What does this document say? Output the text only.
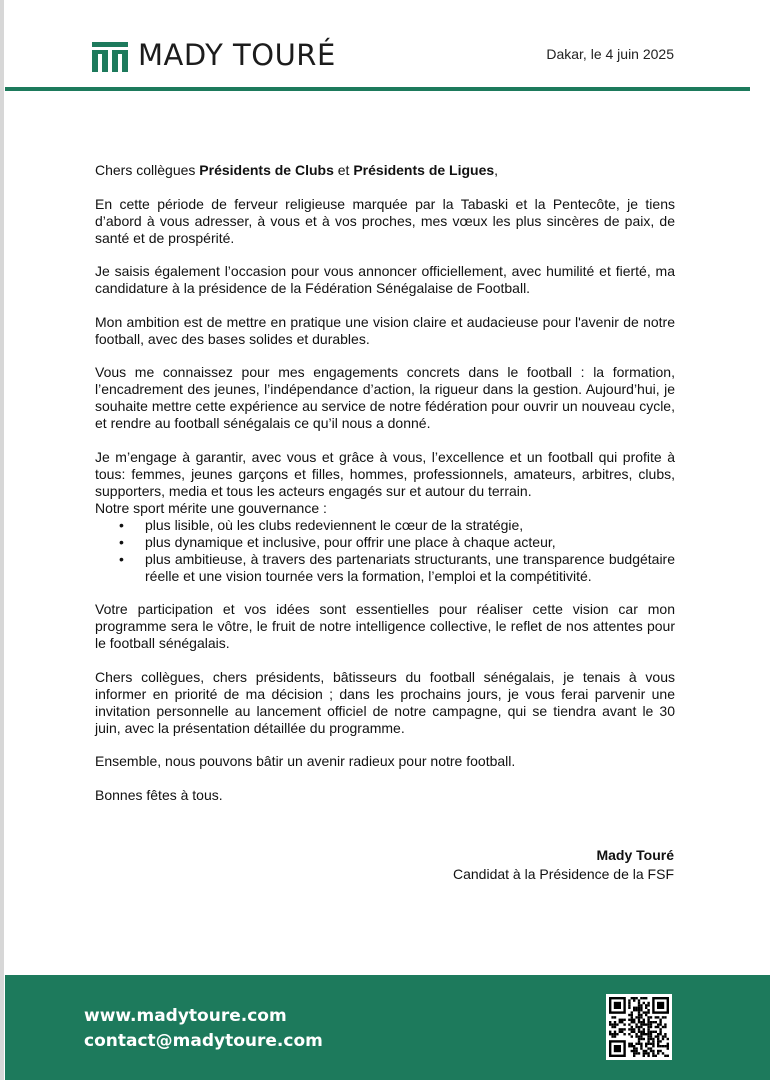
MADY TOURÉ	Dakar, le 4 juin 2025

Chers collègues Présidents de Clubs et Présidents de Ligues,

En cette période de ferveur religieuse marquée par la Tabaski et la Pentecôte, je tiens d’abord à vous adresser, à vous et à vos proches, mes vœux les plus sincères de paix, de santé et de prospérité.

Je saisis également l’occasion pour vous annoncer officiellement, avec humilité et fierté, ma candidature à la présidence de la Fédération Sénégalaise de Football.

Mon ambition est de mettre en pratique une vision claire et audacieuse pour l'avenir de notre football, avec des bases solides et durables.

Vous me connaissez pour mes engagements concrets dans le football : la formation, l’encadrement des jeunes, l’indépendance d’action, la rigueur dans la gestion. Aujourd’hui, je souhaite mettre cette expérience au service de notre fédération pour ouvrir un nouveau cycle, et rendre au football sénégalais ce qu’il nous a donné.

Je m’engage à garantir, avec vous et grâce à vous, l’excellence et un football qui profite à tous: femmes, jeunes garçons et filles, hommes, professionnels, amateurs, arbitres, clubs, supporters, media et tous les acteurs engagés sur et autour du terrain.

Notre sport mérite une gouvernance :

• plus lisible, où les clubs redeviennent le cœur de la stratégie,
• plus dynamique et inclusive, pour offrir une place à chaque acteur,
• plus ambitieuse, à travers des partenariats structurants, une transparence budgétaire réelle et une vision tournée vers la formation, l’emploi et la compétitivité.

Votre participation et vos idées sont essentielles pour réaliser cette vision car mon programme sera le vôtre, le fruit de notre intelligence collective, le reflet de nos attentes pour le football sénégalais.

Chers collègues, chers présidents, bâtisseurs du football sénégalais, je tenais à vous informer en priorité de ma décision ; dans les prochains jours, je vous ferai parvenir une invitation personnelle au lancement officiel de notre campagne, qui se tiendra avant le 30 juin, avec la présentation détaillée du programme.

Ensemble, nous pouvons bâtir un avenir radieux pour notre football.

Bonnes fêtes à tous.

Mady Touré
Candidat à la Présidence de la FSF
www.madytoure.com
contact@madytoure.com
